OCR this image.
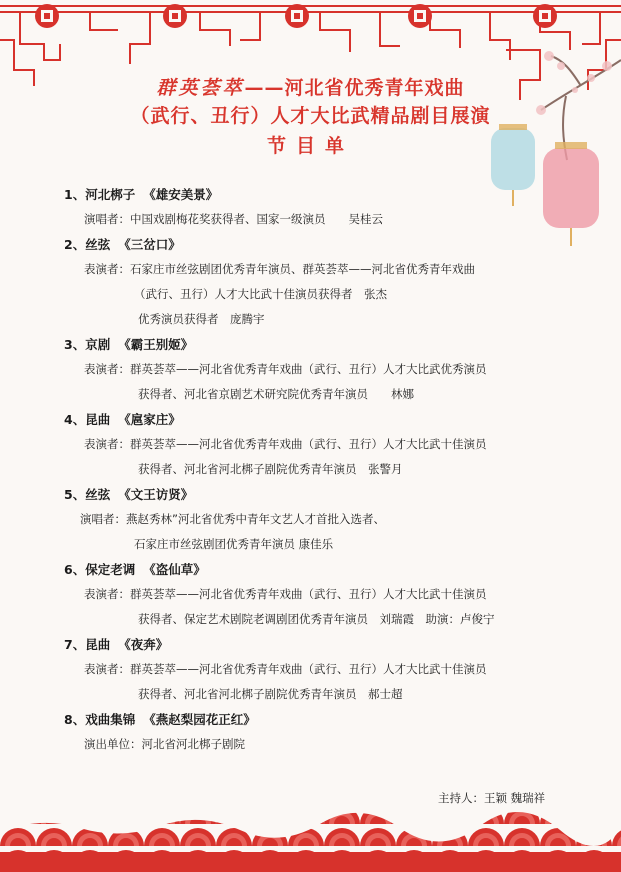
群英荟萃——河北省优秀青年戏曲
（武行、丑行）人才大比武精品剧目展演
节目单
1、河北梆子 《雄安美景》
演唱者：中国戏剧梅花奖获得者、国家一级演员　　吴桂云
2、丝弦 《三岔口》
表演者：石家庄市丝弦剧团优秀青年演员、群英荟萃——河北省优秀青年戏曲
（武行、丑行）人才大比武十佳演员获得者　张杰
优秀演员获得者　庞腾宇
3、京剧 《霸王别姬》
表演者：群英荟萃——河北省优秀青年戏曲（武行、丑行）人才大比武优秀演员
获得者、河北省京剧艺术研究院优秀青年演员　　林娜
4、昆曲 《扈家庄》
表演者：群英荟萃——河北省优秀青年戏曲（武行、丑行）人才大比武十佳演员
获得者、河北省河北梆子剧院优秀青年演员　张警月
5、丝弦 《文王访贤》
演唱者：燕赵秀林”河北省优秀中青年文艺人才首批入选者、
石家庄市丝弦剧团优秀青年演员 康佳乐
6、保定老调 《盗仙草》
表演者：群英荟萃——河北省优秀青年戏曲（武行、丑行）人才大比武十佳演员
获得者、保定艺术剧院老调剧团优秀青年演员　刘瑞霞　助演：卢俊宁
7、昆曲 《夜奔》
表演者：群英荟萃——河北省优秀青年戏曲（武行、丑行）人才大比武十佳演员
获得者、河北省河北梆子剧院优秀青年演员　郝士超
8、戏曲集锦 《燕赵梨园花正红》
演出单位：河北省河北梆子剧院
主持人：王颖 魏瑞祥
